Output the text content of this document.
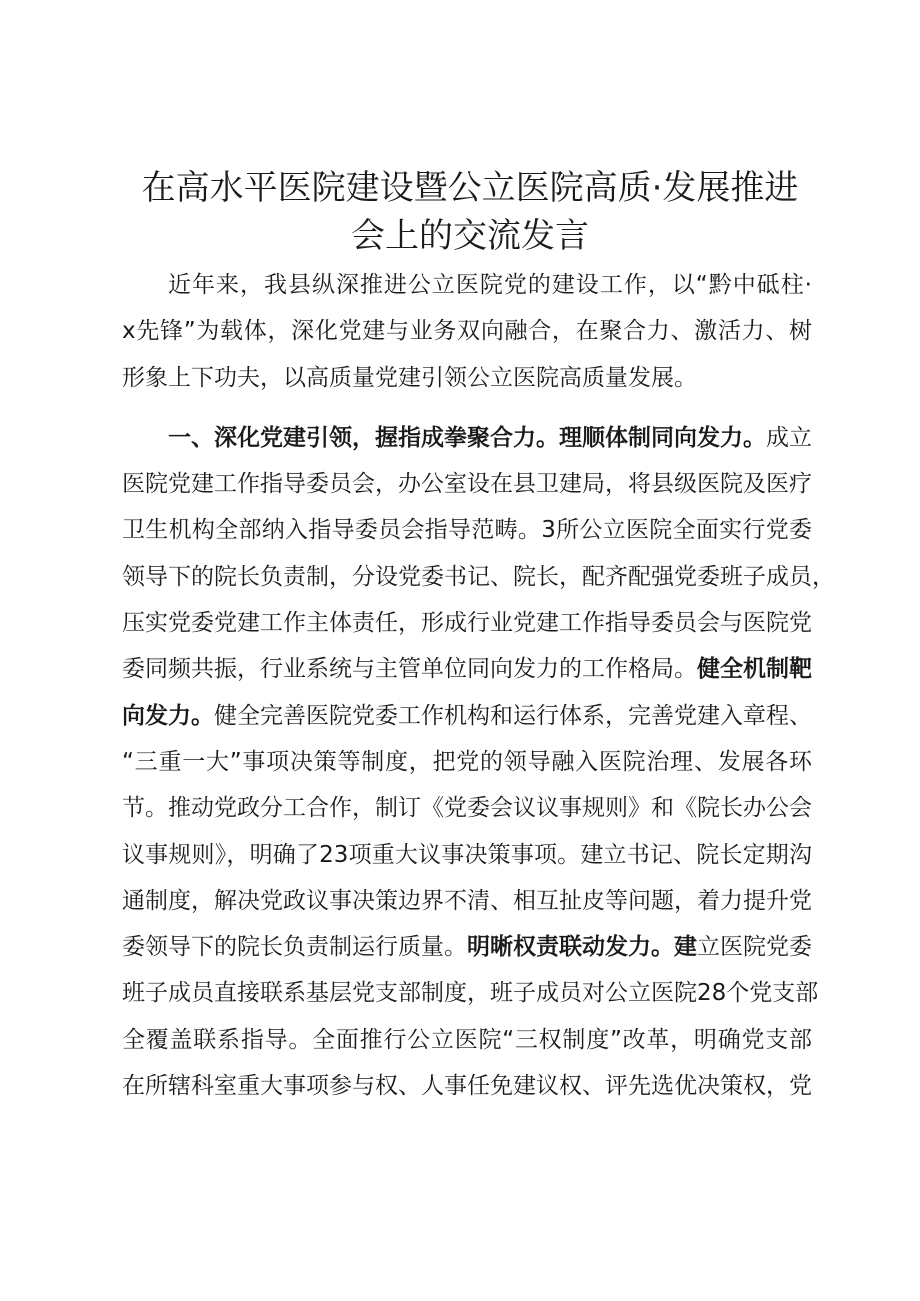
在高水平医院建设暨公立医院高质·发展推进
会上的交流发言
近年来，我县纵深推进公立医院党的建设工作，以“黔中砥柱·
x先锋”为载体，深化党建与业务双向融合，在聚合力、激活力、树
形象上下功夫，以高质量党建引领公立医院高质量发展。
一、深化党建引领，握指成拳聚合力。理顺体制同向发力。成立
医院党建工作指导委员会，办公室设在县卫建局，将县级医院及医疗
卫生机构全部纳入指导委员会指导范畴。3所公立医院全面实行党委
领导下的院长负责制，分设党委书记、院长，配齐配强党委班子成员，
压实党委党建工作主体责任，形成行业党建工作指导委员会与医院党
委同频共振，行业系统与主管单位同向发力的工作格局。健全机制靶
向发力。健全完善医院党委工作机构和运行体系，完善党建入章程、
“三重一大”事项决策等制度，把党的领导融入医院治理、发展各环
节。推动党政分工合作，制订《党委会议议事规则》和《院长办公会
议事规则》，明确了23项重大议事决策事项。建立书记、院长定期沟
通制度，解决党政议事决策边界不清、相互扯皮等问题，着力提升党
委领导下的院长负责制运行质量。明晰权责联动发力。建立医院党委
班子成员直接联系基层党支部制度，班子成员对公立医院28个党支部
全覆盖联系指导。全面推行公立医院“三权制度”改革，明确党支部
在所辖科室重大事项参与权、人事任免建议权、评先选优决策权，党
